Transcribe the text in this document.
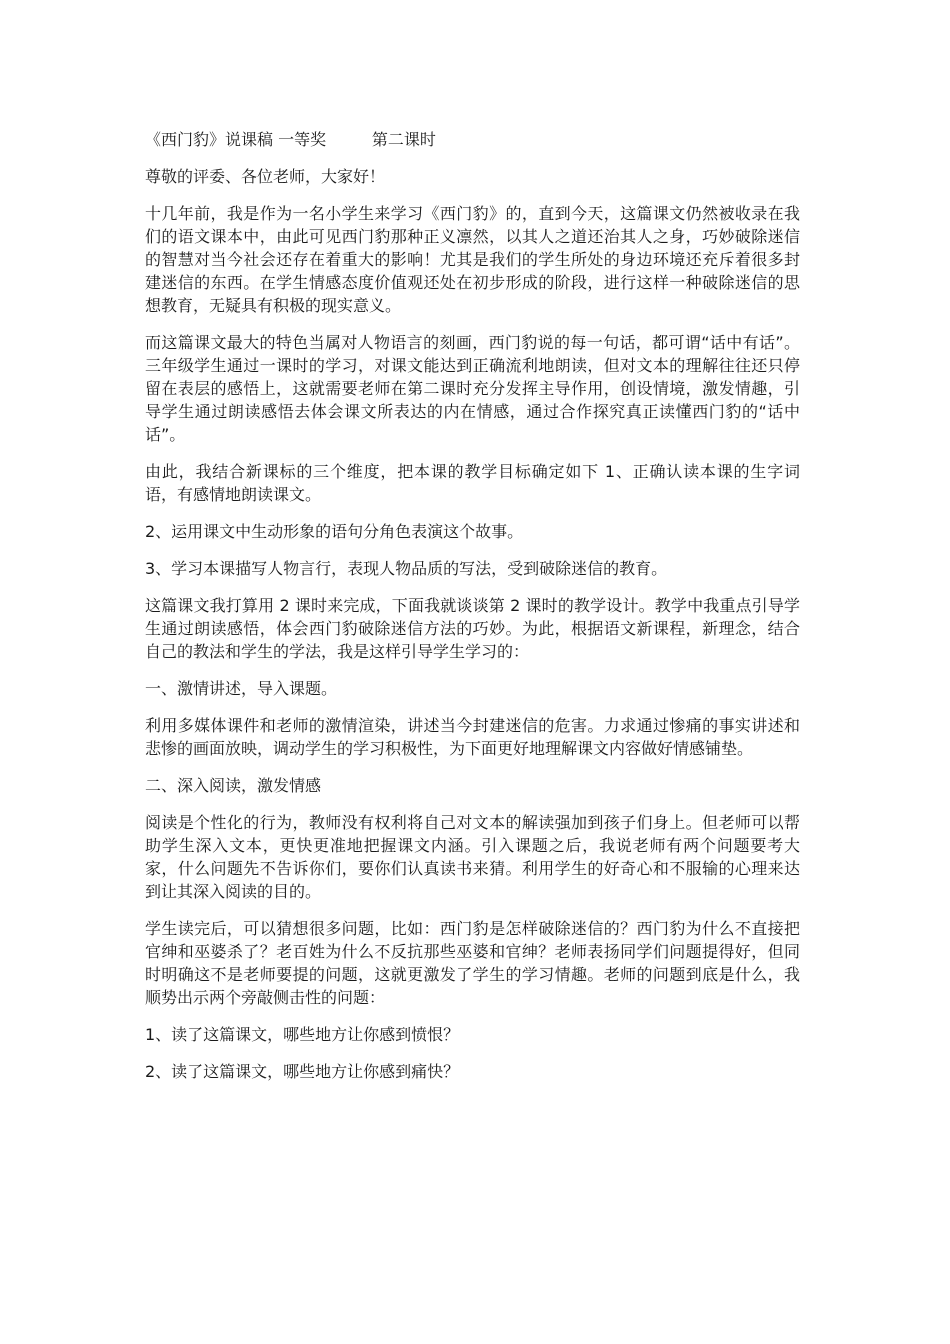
《西门豹》说课稿 一等奖         第二课时

尊敬的评委、各位老师，大家好！

十几年前，我是作为一名小学生来学习《西门豹》的，直到今天，这篇课文仍然被收录在我们的语文课本中，由此可见西门豹那种正义凛然，以其人之道还治其人之身，巧妙破除迷信的智慧对当今社会还存在着重大的影响！尤其是我们的学生所处的身边环境还充斥着很多封建迷信的东西。在学生情感态度价值观还处在初步形成的阶段，进行这样一种破除迷信的思想教育，无疑具有积极的现实意义。

而这篇课文最大的特色当属对人物语言的刻画，西门豹说的每一句话，都可谓“话中有话”。三年级学生通过一课时的学习，对课文能达到正确流利地朗读，但对文本的理解往往还只停留在表层的感悟上，这就需要老师在第二课时充分发挥主导作用，创设情境，激发情趣，引导学生通过朗读感悟去体会课文所表达的内在情感，通过合作探究真正读懂西门豹的“话中话”。

由此，我结合新课标的三个维度，把本课的教学目标确定如下 1、正确认读本课的生字词语，有感情地朗读课文。

2、运用课文中生动形象的语句分角色表演这个故事。

3、学习本课描写人物言行，表现人物品质的写法，受到破除迷信的教育。

这篇课文我打算用 2 课时来完成，下面我就谈谈第 2 课时的教学设计。教学中我重点引导学生通过朗读感悟，体会西门豹破除迷信方法的巧妙。为此，根据语文新课程，新理念，结合自己的教法和学生的学法，我是这样引导学生学习的：

一、激情讲述，导入课题。

利用多媒体课件和老师的激情渲染，讲述当今封建迷信的危害。力求通过惨痛的事实讲述和悲惨的画面放映，调动学生的学习积极性，为下面更好地理解课文内容做好情感铺垫。

二、深入阅读，激发情感

阅读是个性化的行为，教师没有权利将自己对文本的解读强加到孩子们身上。但老师可以帮助学生深入文本，更快更准地把握课文内涵。引入课题之后，我说老师有两个问题要考大家，什么问题先不告诉你们，要你们认真读书来猜。利用学生的好奇心和不服输的心理来达到让其深入阅读的目的。

学生读完后，可以猜想很多问题，比如：西门豹是怎样破除迷信的？西门豹为什么不直接把官绅和巫婆杀了？老百姓为什么不反抗那些巫婆和官绅？老师表扬同学们问题提得好，但同时明确这不是老师要提的问题，这就更激发了学生的学习情趣。老师的问题到底是什么，我顺势出示两个旁敲侧击性的问题：

1、读了这篇课文，哪些地方让你感到愤恨？

2、读了这篇课文，哪些地方让你感到痛快？
